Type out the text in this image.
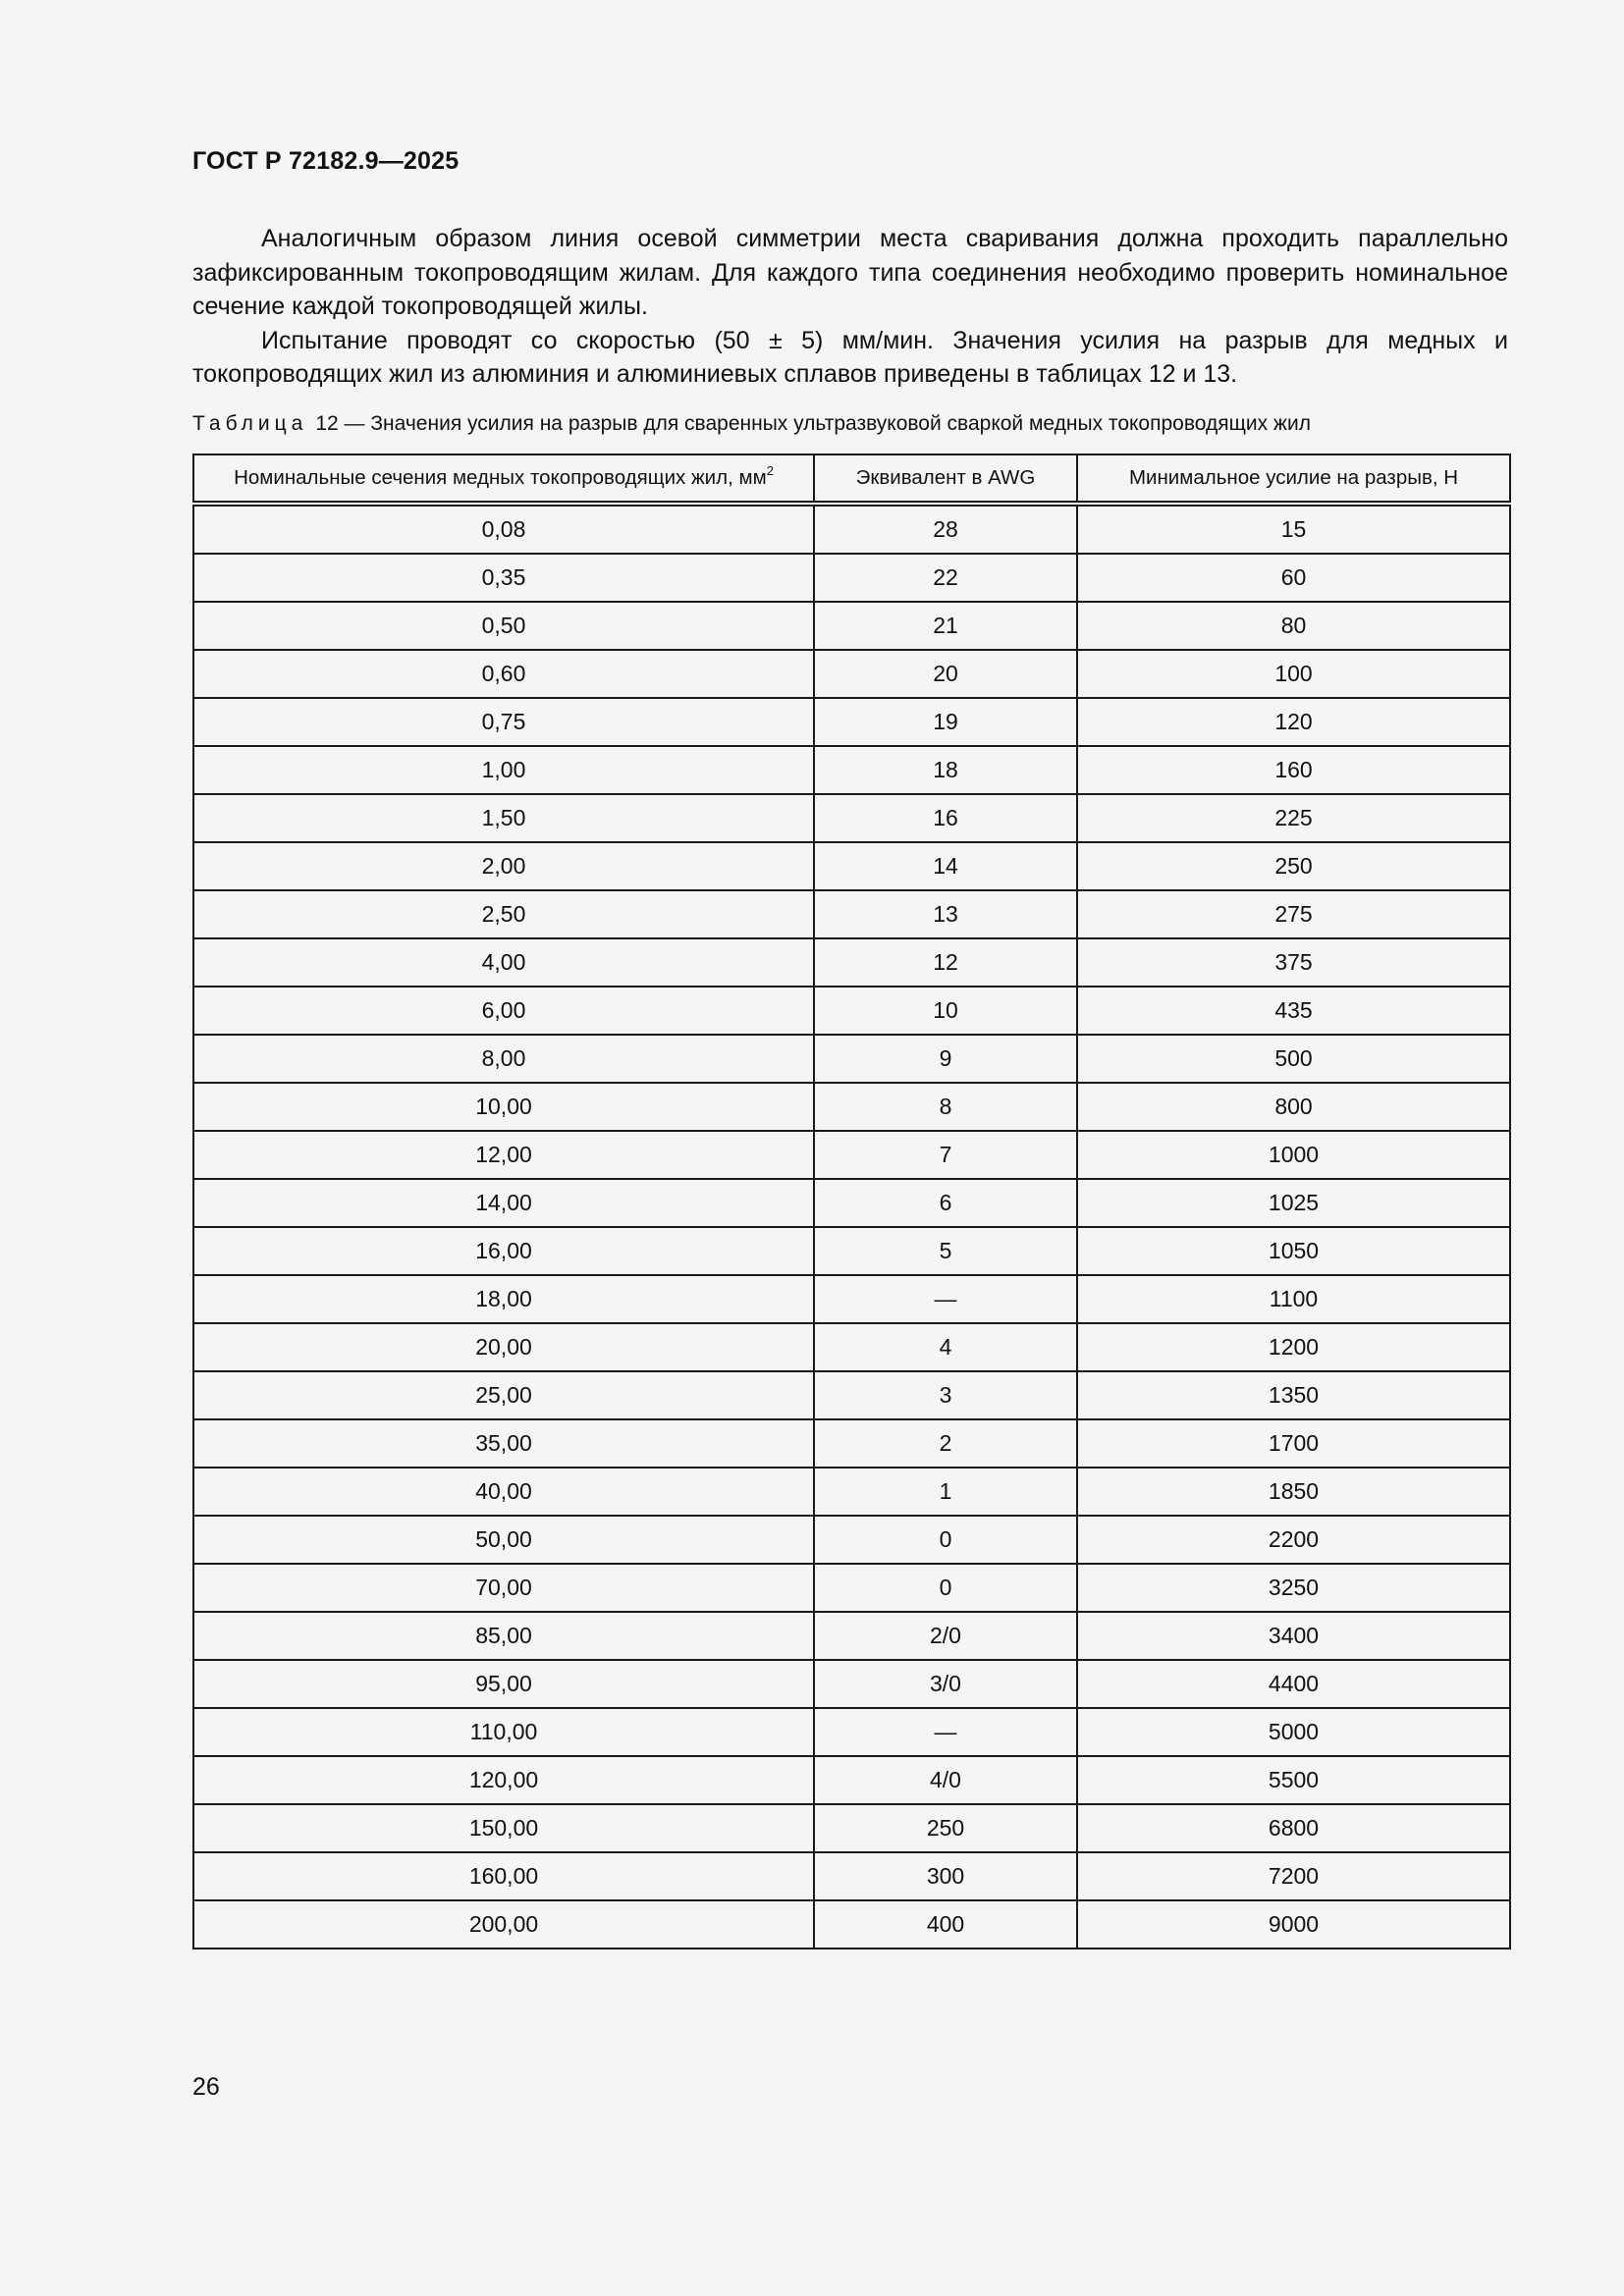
ГОСТ Р 72182.9—2025

Аналогичным образом линия осевой симметрии места сваривания должна проходить параллельно зафиксированным токопроводящим жилам. Для каждого типа соединения необходимо проверить номинальное сечение каждой токопроводящей жилы.

Испытание проводят со скоростью (50 ± 5) мм/мин. Значения усилия на разрыв для медных и токопроводящих жил из алюминия и алюминиевых сплавов приведены в таблицах 12 и 13.

Таблица 12 — Значения усилия на разрыв для сваренных ультразвуковой сваркой медных токопроводящих жил
Номинальные сечения медных токопроводящих жил, $мм^2$	Эквивалент в AWG	Минимальное усилие на разрыв, Н
0,08	28	15
0,35	22	60
0,50	21	80
0,60	20	100
0,75	19	120
1,00	18	160
1,50	16	225
2,00	14	250
2,50	13	275
4,00	12	375
6,00	10	435
8,00	9	500
10,00	8	800
12,00	7	1000
14,00	6	1025
16,00	5	1050
18,00	—	1100
20,00	4	1200
25,00	3	1350
35,00	2	1700
40,00	1	1850
50,00	0	2200
70,00	0	3250
85,00	2/0	3400
95,00	3/0	4400
110,00	—	5000
120,00	4/0	5500
150,00	250	6800
160,00	300	7200
200,00	400	9000
26
